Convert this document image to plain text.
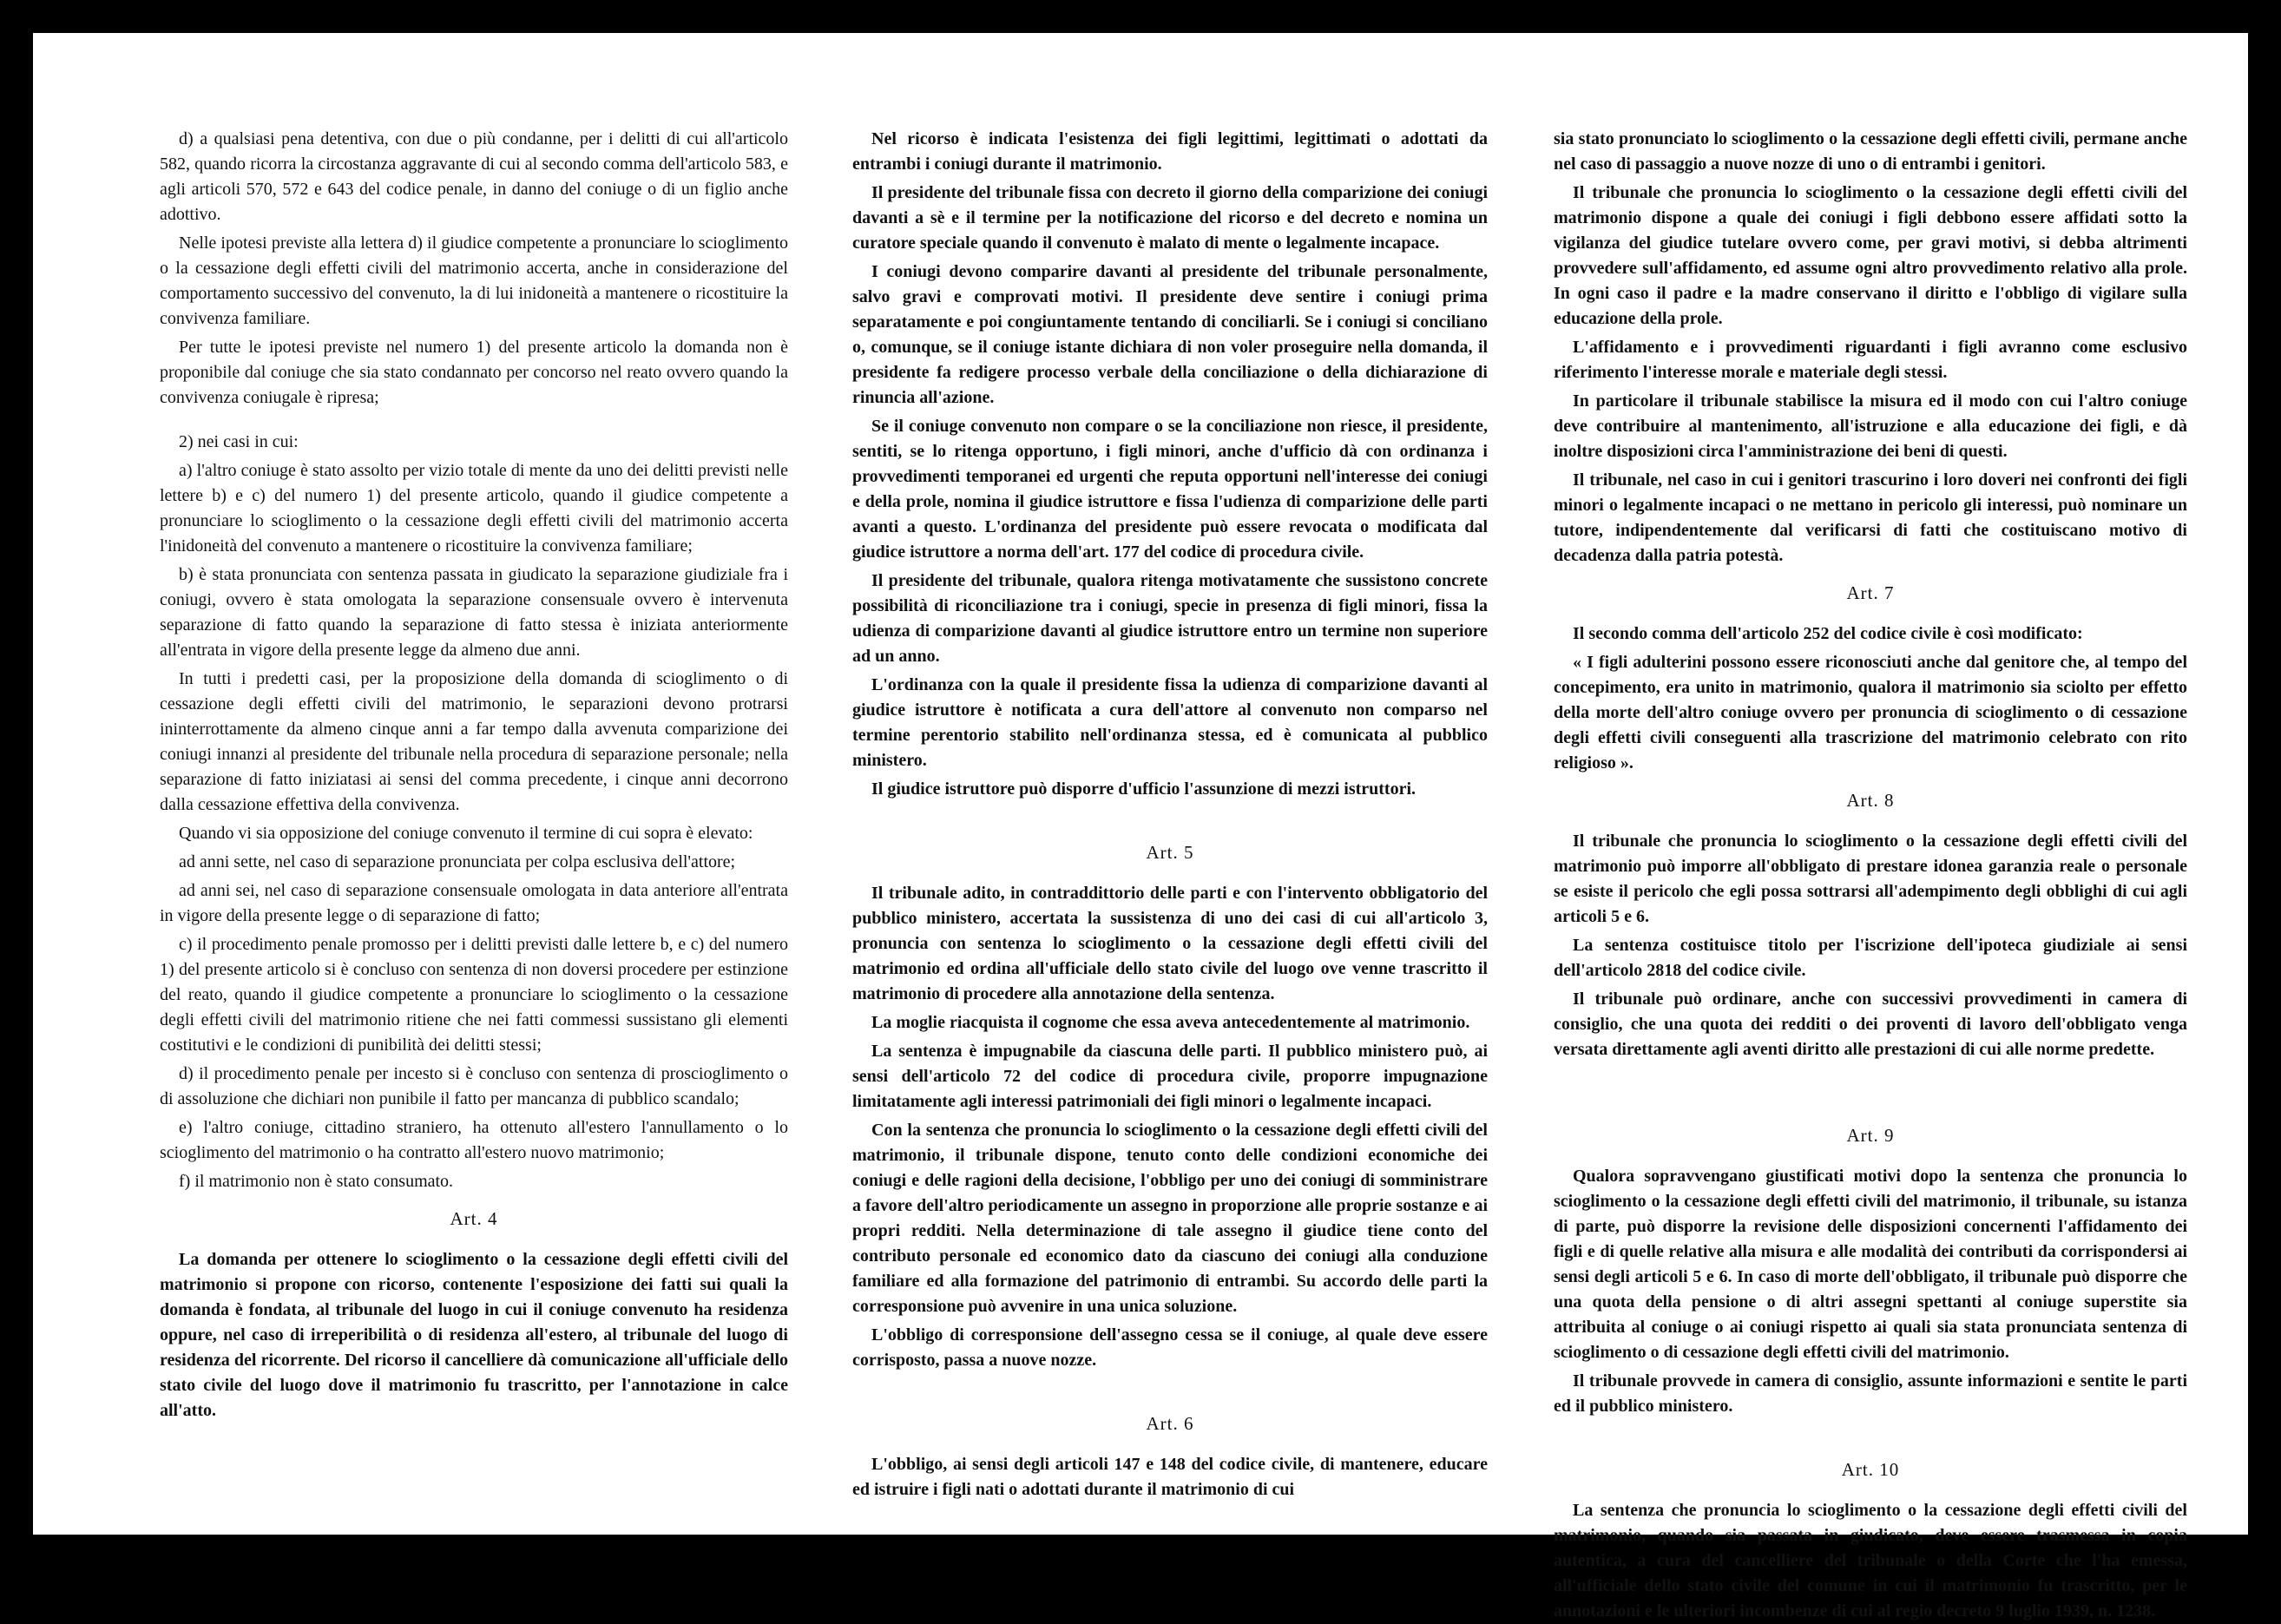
d) a qualsiasi pena detentiva, con due o più condanne, per i delitti di cui all'articolo 582, quando ricorra la circostanza aggravante di cui al secondo comma dell'articolo 583, e agli articoli 570, 572 e 643 del codice penale, in danno del coniuge o di un figlio anche adottivo.

Nelle ipotesi previste alla lettera d) il giudice competente a pronunciare lo scioglimento o la cessazione degli effetti civili del matrimonio accerta, anche in considerazione del comportamento successivo del convenuto, la di lui inidoneità a mantenere o ricostituire la convivenza familiare.

Per tutte le ipotesi previste nel numero 1) del presente articolo la domanda non è proponibile dal coniuge che sia stato condannato per concorso nel reato ovvero quando la convivenza coniugale è ripresa;

2) nei casi in cui:

a) l'altro coniuge è stato assolto per vizio totale di mente da uno dei delitti previsti nelle lettere b) e c) del numero 1) del presente articolo, quando il giudice competente a pronunciare lo scioglimento o la cessazione degli effetti civili del matrimonio accerta l'inidoneità del convenuto a mantenere o ricostituire la convivenza familiare;

b) è stata pronunciata con sentenza passata in giudicato la separazione giudiziale fra i coniugi, ovvero è stata omologata la separazione consensuale ovvero è intervenuta separazione di fatto quando la separazione di fatto stessa è iniziata anteriormente all'entrata in vigore della presente legge da almeno due anni.

In tutti i predetti casi, per la proposizione della domanda di scioglimento o di cessazione degli effetti civili del matrimonio, le separazioni devono protrarsi ininterrottamente da almeno cinque anni a far tempo dalla avvenuta comparizione dei coniugi innanzi al presidente del tribunale nella procedura di separazione personale; nella separazione di fatto iniziatasi ai sensi del comma precedente, i cinque anni decorrono dalla cessazione effettiva della convivenza.

Quando vi sia opposizione del coniuge convenuto il termine di cui sopra è elevato:

ad anni sette, nel caso di separazione pronunciata per colpa esclusiva dell'attore;

ad anni sei, nel caso di separazione consensuale omologata in data anteriore all'entrata in vigore della presente legge o di separazione di fatto;

c) il procedimento penale promosso per i delitti previsti dalle lettere b, e c) del numero 1) del presente articolo si è concluso con sentenza di non doversi procedere per estinzione del reato, quando il giudice competente a pronunciare lo scioglimento o la cessazione degli effetti civili del matrimonio ritiene che nei fatti commessi sussistano gli elementi costitutivi e le condizioni di punibilità dei delitti stessi;

d) il procedimento penale per incesto si è concluso con sentenza di proscioglimento o di assoluzione che dichiari non punibile il fatto per mancanza di pubblico scandalo;

e) l'altro coniuge, cittadino straniero, ha ottenuto all'estero l'annullamento o lo scioglimento del matrimonio o ha contratto all'estero nuovo matrimonio;

f) il matrimonio non è stato consumato.

Art. 4

La domanda per ottenere lo scioglimento o la cessazione degli effetti civili del matrimonio si propone con ricorso, contenente l'esposizione dei fatti sui quali la domanda è fondata, al tribunale del luogo in cui il coniuge convenuto ha residenza oppure, nel caso di irreperibilità o di residenza all'estero, al tribunale del luogo di residenza del ricorrente. Del ricorso il cancelliere dà comunicazione all'ufficiale dello stato civile del luogo dove il matrimonio fu trascritto, per l'annotazione in calce all'atto.

Nel ricorso è indicata l'esistenza dei figli legittimi, legittimati o adottati da entrambi i coniugi durante il matrimonio.

Il presidente del tribunale fissa con decreto il giorno della comparizione dei coniugi davanti a sè e il termine per la notificazione del ricorso e del decreto e nomina un curatore speciale quando il convenuto è malato di mente o legalmente incapace.

I coniugi devono comparire davanti al presidente del tribunale personalmente, salvo gravi e comprovati motivi. Il presidente deve sentire i coniugi prima separatamente e poi congiuntamente tentando di conciliarli. Se i coniugi si conciliano o, comunque, se il coniuge istante dichiara di non voler proseguire nella domanda, il presidente fa redigere processo verbale della conciliazione o della dichiarazione di rinuncia all'azione.

Se il coniuge convenuto non compare o se la conciliazione non riesce, il presidente, sentiti, se lo ritenga opportuno, i figli minori, anche d'ufficio dà con ordinanza i provvedimenti temporanei ed urgenti che reputa opportuni nell'interesse dei coniugi e della prole, nomina il giudice istruttore e fissa l'udienza di comparizione delle parti avanti a questo. L'ordinanza del presidente può essere revocata o modificata dal giudice istruttore a norma dell'art. 177 del codice di procedura civile.

Il presidente del tribunale, qualora ritenga motivatamente che sussistono concrete possibilità di riconciliazione tra i coniugi, specie in presenza di figli minori, fissa la udienza di comparizione davanti al giudice istruttore entro un termine non superiore ad un anno.

L'ordinanza con la quale il presidente fissa la udienza di comparizione davanti al giudice istruttore è notificata a cura dell'attore al convenuto non comparso nel termine perentorio stabilito nell'ordinanza stessa, ed è comunicata al pubblico ministero.

Il giudice istruttore può disporre d'ufficio l'assunzione di mezzi istruttori.

Art. 5

Il tribunale adito, in contraddittorio delle parti e con l'intervento obbligatorio del pubblico ministero, accertata la sussistenza di uno dei casi di cui all'articolo 3, pronuncia con sentenza lo scioglimento o la cessazione degli effetti civili del matrimonio ed ordina all'ufficiale dello stato civile del luogo ove venne trascritto il matrimonio di procedere alla annotazione della sentenza.

La moglie riacquista il cognome che essa aveva antecedentemente al matrimonio.

La sentenza è impugnabile da ciascuna delle parti. Il pubblico ministero può, ai sensi dell'articolo 72 del codice di procedura civile, proporre impugnazione limitatamente agli interessi patrimoniali dei figli minori o legalmente incapaci.

Con la sentenza che pronuncia lo scioglimento o la cessazione degli effetti civili del matrimonio, il tribunale dispone, tenuto conto delle condizioni economiche dei coniugi e delle ragioni della decisione, l'obbligo per uno dei coniugi di somministrare a favore dell'altro periodicamente un assegno in proporzione alle proprie sostanze e ai propri redditi. Nella determinazione di tale assegno il giudice tiene conto del contributo personale ed economico dato da ciascuno dei coniugi alla conduzione familiare ed alla formazione del patrimonio di entrambi. Su accordo delle parti la corresponsione può avvenire in una unica soluzione.

L'obbligo di corresponsione dell'assegno cessa se il coniuge, al quale deve essere corrisposto, passa a nuove nozze.

Art. 6

L'obbligo, ai sensi degli articoli 147 e 148 del codice civile, di mantenere, educare ed istruire i figli nati o adottati durante il matrimonio di cui

sia stato pronunciato lo scioglimento o la cessazione degli effetti civili, permane anche nel caso di passaggio a nuove nozze di uno o di entrambi i genitori.

Il tribunale che pronuncia lo scioglimento o la cessazione degli effetti civili del matrimonio dispone a quale dei coniugi i figli debbono essere affidati sotto la vigilanza del giudice tutelare ovvero come, per gravi motivi, si debba altrimenti provvedere sull'affidamento, ed assume ogni altro provvedimento relativo alla prole. In ogni caso il padre e la madre conservano il diritto e l'obbligo di vigilare sulla educazione della prole.

L'affidamento e i provvedimenti riguardanti i figli avranno come esclusivo riferimento l'interesse morale e materiale degli stessi.

In particolare il tribunale stabilisce la misura ed il modo con cui l'altro coniuge deve contribuire al mantenimento, all'istruzione e alla educazione dei figli, e dà inoltre disposizioni circa l'amministrazione dei beni di questi.

Il tribunale, nel caso in cui i genitori trascurino i loro doveri nei confronti dei figli minori o legalmente incapaci o ne mettano in pericolo gli interessi, può nominare un tutore, indipendentemente dal verificarsi di fatti che costituiscano motivo di decadenza dalla patria potestà.

Art. 7

Il secondo comma dell'articolo 252 del codice civile è così modificato:

« I figli adulterini possono essere riconosciuti anche dal genitore che, al tempo del concepimento, era unito in matrimonio, qualora il matrimonio sia sciolto per effetto della morte dell'altro coniuge ovvero per pronuncia di scioglimento o di cessazione degli effetti civili conseguenti alla trascrizione del matrimonio celebrato con rito religioso ».

Art. 8

Il tribunale che pronuncia lo scioglimento o la cessazione degli effetti civili del matrimonio può imporre all'obbligato di prestare idonea garanzia reale o personale se esiste il pericolo che egli possa sottrarsi all'adempimento degli obblighi di cui agli articoli 5 e 6.

La sentenza costituisce titolo per l'iscrizione dell'ipoteca giudiziale ai sensi dell'articolo 2818 del codice civile.

Il tribunale può ordinare, anche con successivi provvedimenti in camera di consiglio, che una quota dei redditi o dei proventi di lavoro dell'obbligato venga versata direttamente agli aventi diritto alle prestazioni di cui alle norme predette.

Art. 9

Qualora sopravvengano giustificati motivi dopo la sentenza che pronuncia lo scioglimento o la cessazione degli effetti civili del matrimonio, il tribunale, su istanza di parte, può disporre la revisione delle disposizioni concernenti l'affidamento dei figli e di quelle relative alla misura e alle modalità dei contributi da corrispondersi ai sensi degli articoli 5 e 6. In caso di morte dell'obbligato, il tribunale può disporre che una quota della pensione o di altri assegni spettanti al coniuge superstite sia attribuita al coniuge o ai coniugi rispetto ai quali sia stata pronunciata sentenza di scioglimento o di cessazione degli effetti civili del matrimonio.

Il tribunale provvede in camera di consiglio, assunte informazioni e sentite le parti ed il pubblico ministero.

Art. 10

La sentenza che pronuncia lo scioglimento o la cessazione degli effetti civili del matrimonio, quando sia passata in giudicato, deve essere trasmessa in copia autentica, a cura del cancelliere del tribunale o della Corte che l'ha emessa, all'ufficiale dello stato civile del comune in cui il matrimonio fu trascritto, per le annotazioni e le ulteriori incombenze di cui al regio decreto 9 luglio 1939, n. 1238.
